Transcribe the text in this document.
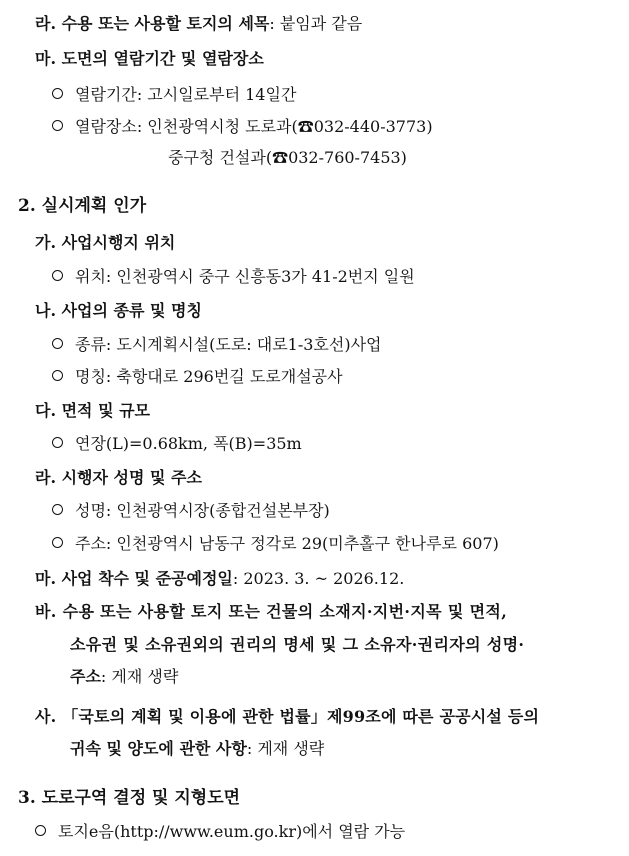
라. 수용 또는 사용할 토지의 세목: 붙임과 같음
마. 도면의 열람기간 및 열람장소
열람기간: 고시일로부터 14일간
열람장소: 인천광역시청 도로과(☎032-440-3773)
중구청 건설과(☎032-760-7453)
2. 실시계획 인가
가. 사업시행지 위치
위치: 인천광역시 중구 신흥동3가 41-2번지 일원
나. 사업의 종류 및 명칭
종류: 도시계획시설(도로: 대로1-3호선)사업
명칭: 축항대로 296번길 도로개설공사
다. 면적 및 규모
연장(L)=0.68km, 폭(B)=35m
라. 시행자 성명 및 주소
성명: 인천광역시장(종합건설본부장)
주소: 인천광역시 남동구 정각로 29(미추홀구 한나루로 607)
마. 사업 착수 및 준공예정일: 2023. 3. ~ 2026.12.
바. 수용 또는 사용할 토지 또는 건물의 소재지·지번·지목 및 면적,
소유권 및 소유권외의 권리의 명세 및 그 소유자·권리자의 성명·
주소: 게재 생략
사. 「국토의 계획 및 이용에 관한 법률」제99조에 따른 공공시설 등의
귀속 및 양도에 관한 사항: 게재 생략
3. 도로구역 결정 및 지형도면
토지e음(http://www.eum.go.kr)에서 열람 가능
